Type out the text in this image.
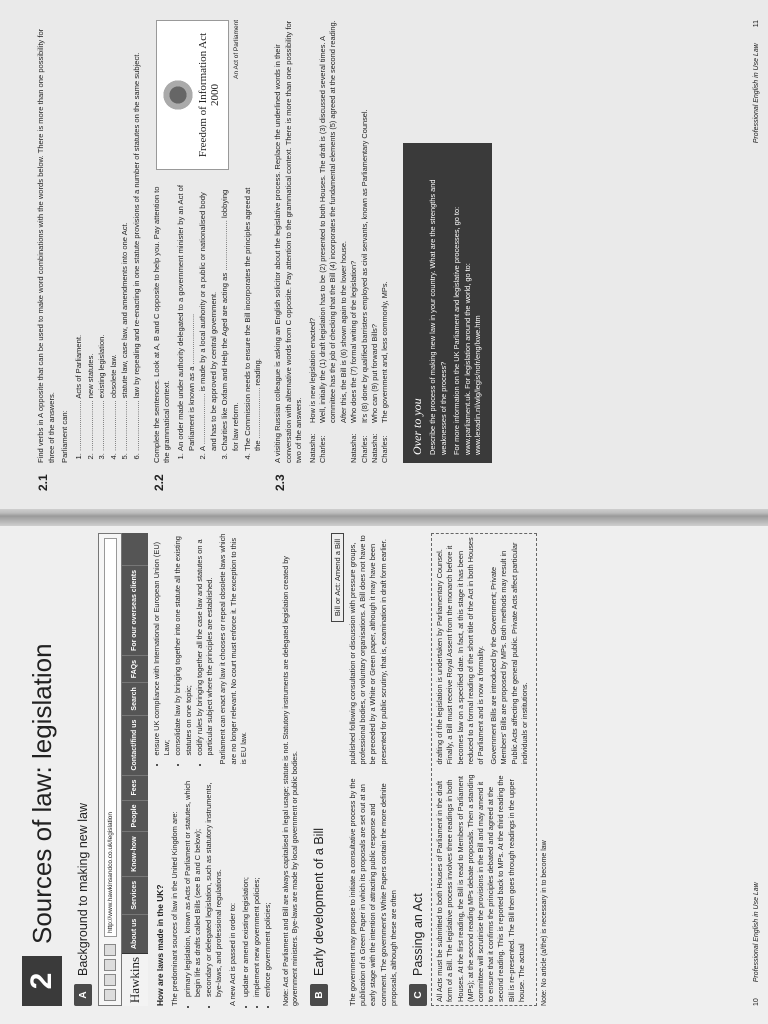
2
Sources of law: legislation
A
Background to making new law	http://www.hawkinsandco.co.uk/legislation
Hawkins
About us
Services
Know-how
People
Fees
Contact/find us
Search
FAQs
For our overseas clients
How are laws made in the UK? The predominant sources of law in the United Kingdom are: • primary legislation, known as Acts of Parliament or statutes, which begin life as drafts called Bills (see B and C below); • secondary or delegated legislation, such as statutory instruments, bye-laws, and professional regulations. A new Act is passed in order to: • update or amend existing legislation; • implement new government policies; • enforce government policies;
• ensure UK compliance with International or European Union (EU) Law; • consolidate law by bringing together into one statute all the existing statutes on one topic; • codify rules by bringing together all the case law and statutes on a particular subject where the principles are established. Parliament can enact any law it chooses or repeal obsolete laws which are no longer relevant. No court must enforce it. The exception to this is EU law.	Note: Act of Parliament and Bill are always capitalised in legal usage; statute is not. Statutory instruments are delegated legislation created by government ministers. Bye-laws are made by local government or public bodies.	B
Early development of a Bill
Bill or Act: Amend a Bill
The government may propose to initiate a consultative process by the publication of a Green Paper in which its proposals are set out at an early stage with the intention of attracting public response and comment. The government's White Papers contain the more definite proposals, although these are often
published following consultation or discussion with pressure groups, professional bodies, or voluntary organisations. A Bill does not have to be preceded by a White or Green paper, although it may have been presented for public scrutiny, that is, examination in draft form earlier.
C
Passing an Act All Acts must be submitted to both Houses of Parliament in the draft form of a Bill. The legislative process involves three readings in both Houses. At the first reading, the Bill is read to Members of Parliament (MPs); at the second reading MPs debate proposals. Then a standing committee will scrutinise the provisions in the Bill and may amend it to ensure that it confirms the principles debated and agreed at the second reading. This is reported back to MPs. At the third reading the Bill is re-presented. The Bill then goes through readings in the upper house. The actual

drafting of the legislation is undertaken by Parliamentary Counsel. Finally, a Bill must receive Royal Assent from the monarch before it becomes law on a specified date. In fact, at this stage it has been reduced to a formal reading of the short title of the Act in both Houses of Parliament and is now a formality. Government Bills are introduced by the Government; Private Members' Bills are proposed by MPs. Both methods may result in Public Acts affecting the general public. Private Acts affect particular individuals or institutions.

Note: No article (a/the) is necessary in to become law	10 Professional English in Use Law
2.1

Find verbs in A opposite that can be used to make word combinations with the words below. There is more than one possibility for three of the answers. Parliament can: 1. ........................ Acts of Parliament. 2. ........................ new statutes. 3. ........................ existing legislation. 4. ........................ obsolete law. 5. ........................ statute law, case law, and amendments into one Act. 6. ........................ law by repealing and re-enacting in one statute provisions of a number of statutes on the same subject.
2.2

Complete the sentences. Look at A, B and C opposite to help you. Pay attention to the grammatical context. 1. An order made under authority delegated to a government minister by an Act of Parliament is known as a ........................ 2. A ........................ is made by a local authority or a public or nationalised body and has to be approved by central government. 3. Charities like Oxfam and Help the Aged are acting as ........................ lobbying for law reform. 4. The Commission needs to ensure the Bill incorporates the principles agreed at the ........................ reading.
Freedom of Information Act 2000
An Act of Parliament
2.3

A visiting Russian colleague is asking an English solicitor about the legislative process. Replace the underlined words in their conversation with alternative words from C opposite. Pay attention to the grammatical context. There is more than one possibility for two of the answers. Natasha:
How is new legislation enacted?
Charles:
Well, initially the (1) draft legislation has to be (2) presented to both Houses. The draft is (3) discussed several times. A committee has the job of checking that the Bill (4) incorporates the fundamental elements (5) agreed at the second reading. After this, the Bill is (6) shown again to the lower house.
Natasha:
Who does the (7) formal writing of the legislation?
Charles:
It's (8) done by qualified barristers employed as civil servants, known as Parliamentary Counsel.
Natasha:
Who can (9) put forward Bills?
Charles:
The government and, less commonly, MPs.
Over to you Describe the process of making new law in your country. What are the strengths and weaknesses of the process? For more information on the UK Parliament and legislative processes, go to: www.parliament.uk. For legislation around the world, go to: www.lexadin.nl/wlg/legis/nofr/eng/lxwe.htm

Professional English in Use Law 11
